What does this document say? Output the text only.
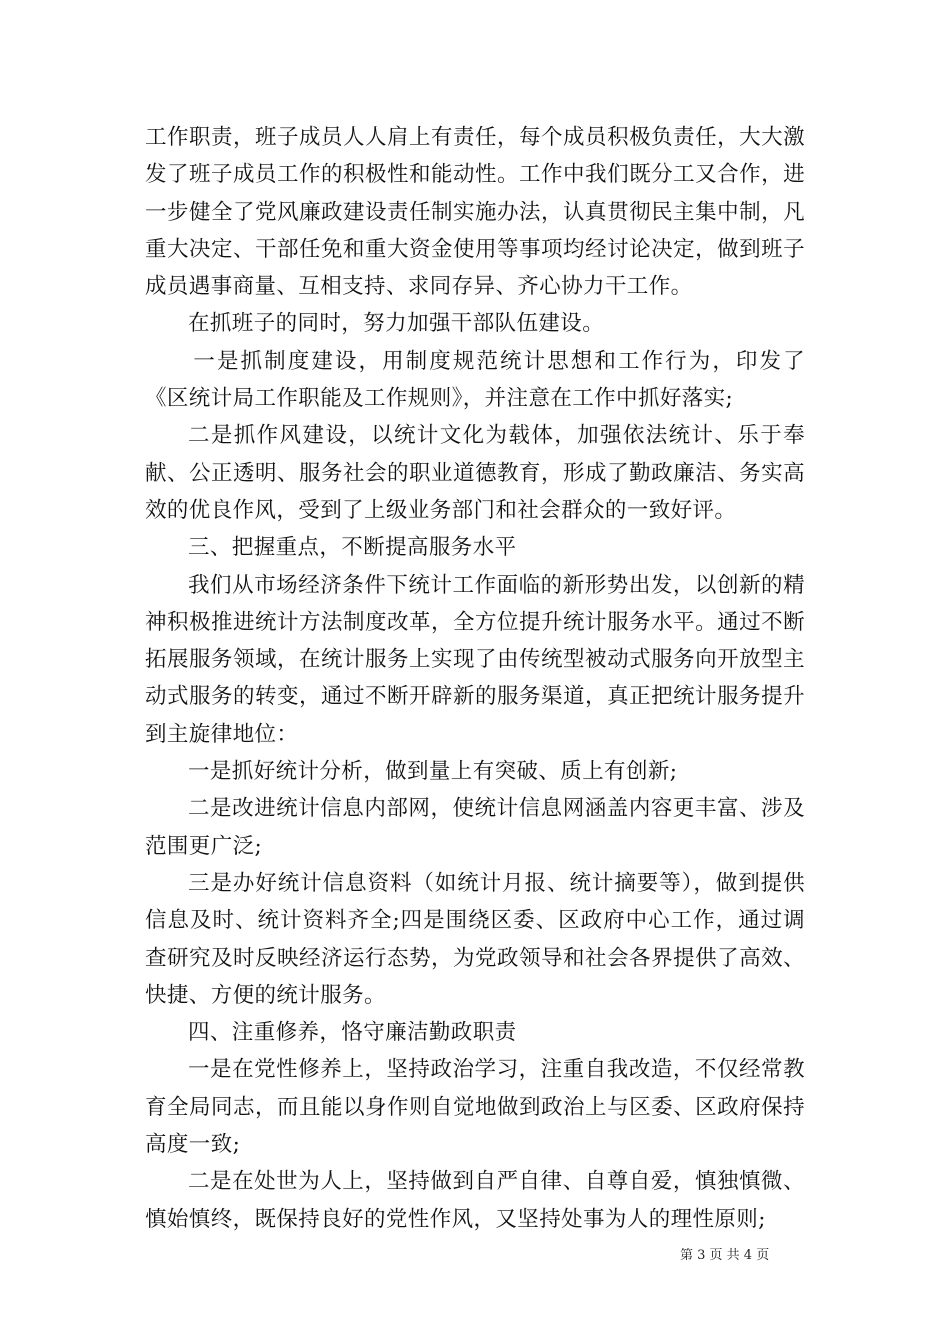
工作职责，班子成员人人肩上有责任，每个成员积极负责任，大大激发了班子成员工作的积极性和能动性。工作中我们既分工又合作，进一步健全了党风廉政建设责任制实施办法，认真贯彻民主集中制，凡重大决定、干部任免和重大资金使用等事项均经讨论决定，做到班子成员遇事商量、互相支持、求同存异、齐心协力干工作。

在抓班子的同时，努力加强干部队伍建设。

一是抓制度建设，用制度规范统计思想和工作行为，印发了《区统计局工作职能及工作规则》，并注意在工作中抓好落实;

二是抓作风建设，以统计文化为载体，加强依法统计、乐于奉献、公正透明、服务社会的职业道德教育，形成了勤政廉洁、务实高效的优良作风，受到了上级业务部门和社会群众的一致好评。

三、把握重点，不断提高服务水平

我们从市场经济条件下统计工作面临的新形势出发，以创新的精神积极推进统计方法制度改革，全方位提升统计服务水平。通过不断拓展服务领域，在统计服务上实现了由传统型被动式服务向开放型主动式服务的转变，通过不断开辟新的服务渠道，真正把统计服务提升到主旋律地位：

一是抓好统计分析，做到量上有突破、质上有创新;

二是改进统计信息内部网，使统计信息网涵盖内容更丰富、涉及范围更广泛;

三是办好统计信息资料（如统计月报、统计摘要等），做到提供信息及时、统计资料齐全;四是围绕区委、区政府中心工作，通过调查研究及时反映经济运行态势，为党政领导和社会各界提供了高效、快捷、方便的统计服务。

四、注重修养，恪守廉洁勤政职责

一是在党性修养上，坚持政治学习，注重自我改造，不仅经常教育全局同志，而且能以身作则自觉地做到政治上与区委、区政府保持高度一致;

二是在处世为人上，坚持做到自严自律、自尊自爱，慎独慎微、慎始慎终，既保持良好的党性作风，又坚持处事为人的理性原则;

第 3 页 共 4 页
